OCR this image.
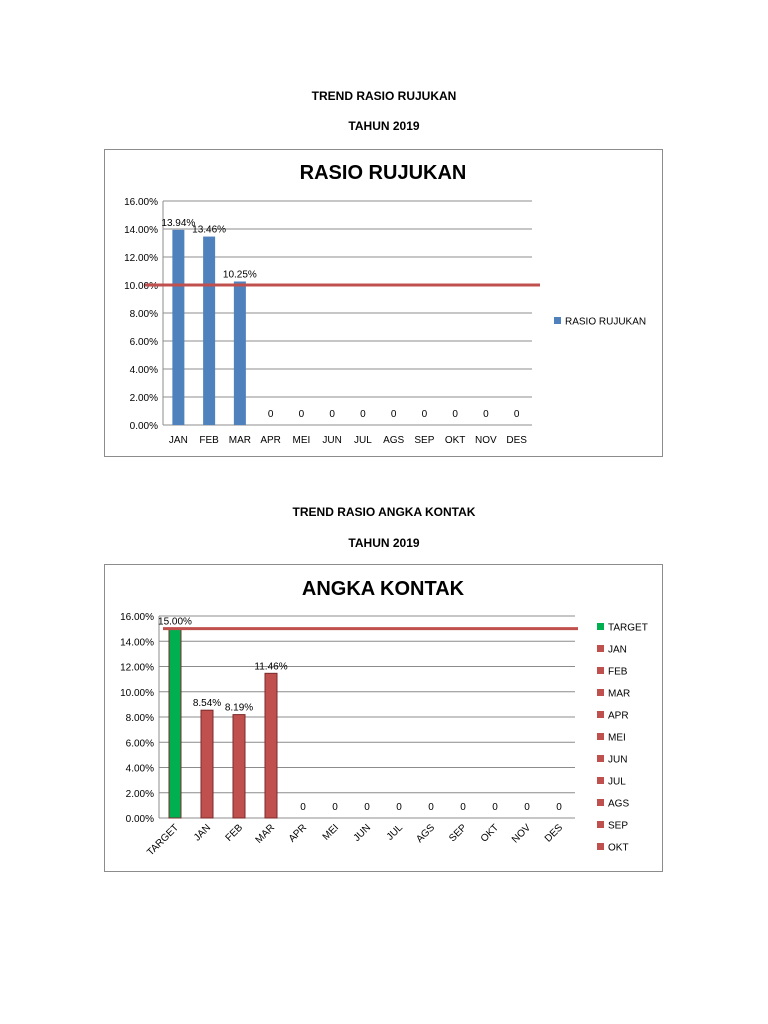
TREND RASIO RUJUKAN
TAHUN 2019
RASIO RUJUKAN
0.00%
2.00%
4.00%
6.00%
8.00%
10.00%
12.00%
14.00%
16.00%
13.94%
JAN
13.46%
FEB
10.25%
MAR
0
APR
0
MEI
0
JUN
0
JUL
0
AGS
0
SEP
0
OKT
0
NOV
0
DES
RASIO RUJUKAN
TREND RASIO ANGKA KONTAK
TAHUN 2019
ANGKA KONTAK
0.00%
2.00%
4.00%
6.00%
8.00%
10.00%
12.00%
14.00%
16.00% 15.00%
TARGET
8.54%
JAN
8.19%
FEB
11.46%
MAR
0
APR
0
MEI
0
JUN
0
JUL
0
AGS
0
SEP
0
OKT
0
NOV
0
DES
TARGET
JAN
FEB
MAR
APR
MEI
JUN
JUL
AGS
SEP
OKT
